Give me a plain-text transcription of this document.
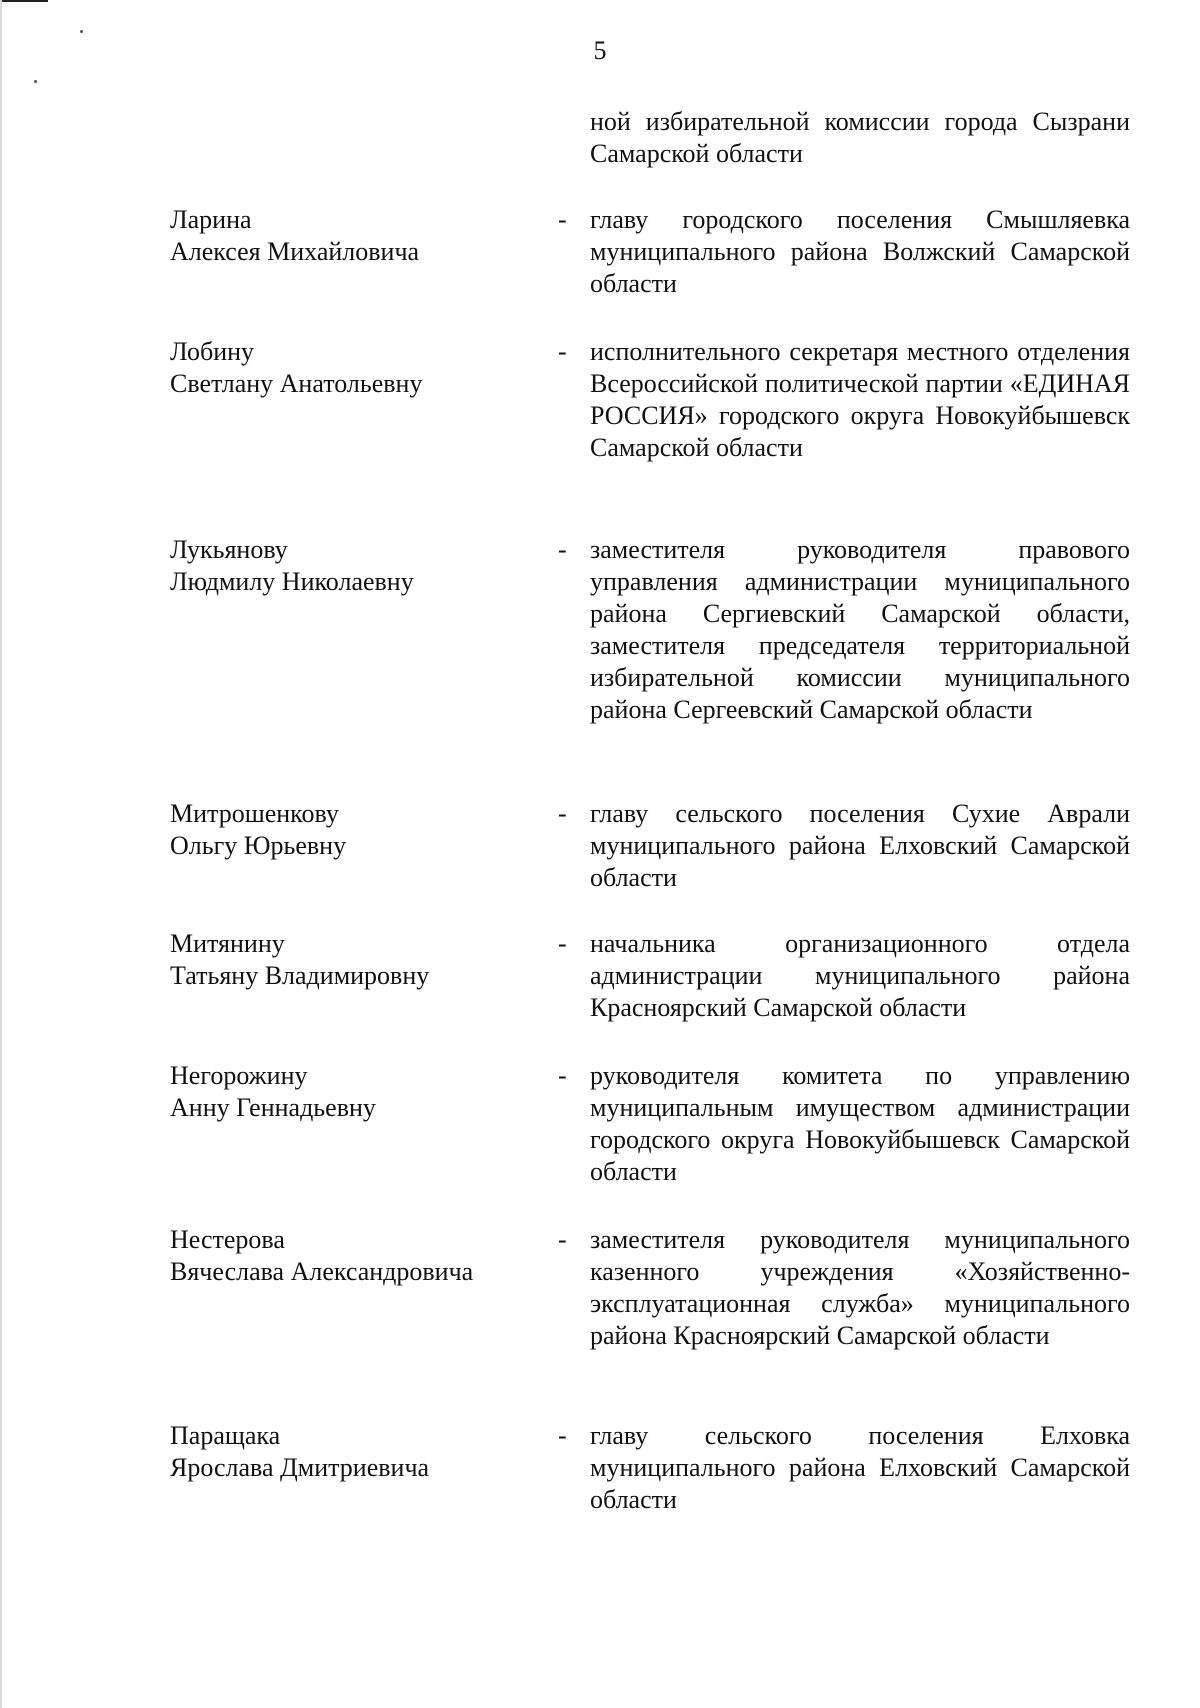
5
ной избирательной комиссии города Сызрани Самарской области
Ларина
Алексея Михайловича
- главу городского поселения Смышляевка муниципального района Волжский Самарской области
Лобину
Светлану Анатольевну
- исполнительного секретаря местного отделения Всероссийской политической партии «ЕДИНАЯ РОССИЯ» городского округа Новокуйбышевск Самарской области
Лукьянову
Людмилу Николаевну
- заместителя руководителя правового управления администрации муниципального района Сергиевский Самарской области, заместителя председателя территориальной избирательной комиссии муниципального района Сергеевский Самарской области
Митрошенкову
Ольгу Юрьевну
- главу сельского поселения Сухие Аврали муниципального района Елховский Самарской области
Митянину
Татьяну Владимировну
- начальника организационного отдела администрации муниципального района Красноярский Самарской области
Негорожину
Анну Геннадьевну
- руководителя комитета по управлению муниципальным имуществом администрации городского округа Новокуйбышевск Самарской области
Нестерова
Вячеслава Александровича
- заместителя руководителя муниципального казенного учреждения «Хозяйственно-эксплуатационная служба» муниципального района Красноярский Самарской области
Паращака
Ярослава Дмитриевича
- главу сельского поселения Елховка муниципального района Елховский Самарской области
